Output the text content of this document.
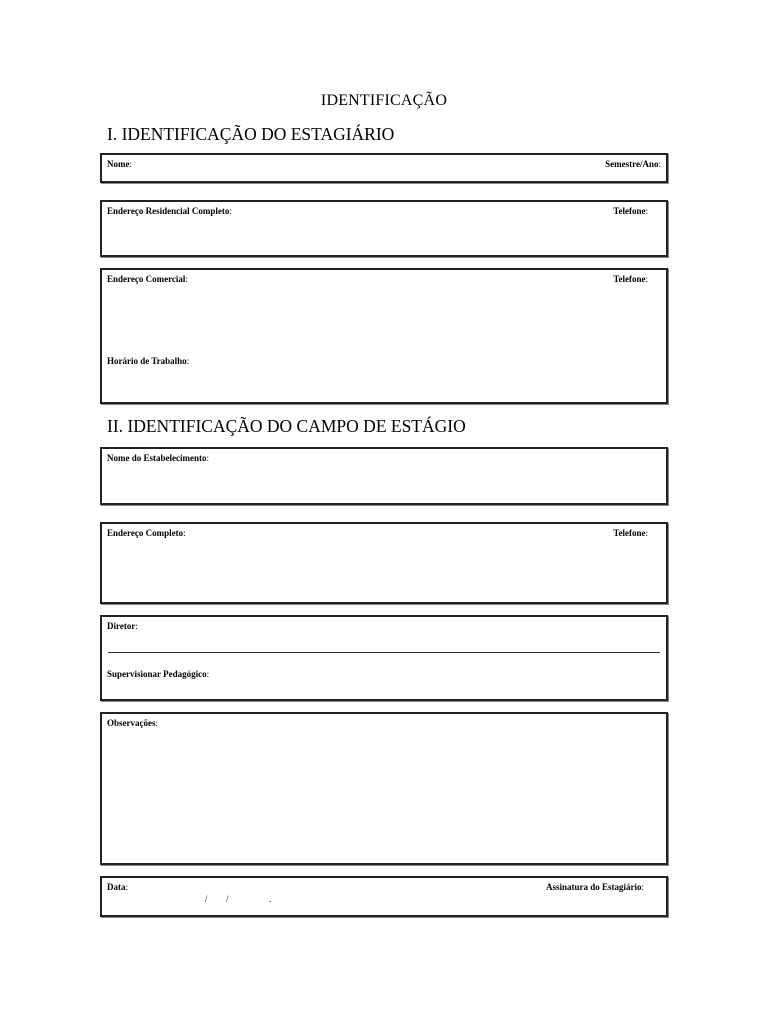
IDENTIFICAÇÃO
I. IDENTIFICAÇÃO DO ESTAGIÁRIO
Nome:	Semestre/Ano:
Endereço Residencial Completo:	Telefone:
Endereço Comercial:	Telefone:
Horário de Trabalho:
II. IDENTIFICAÇÃO DO CAMPO DE ESTÁGIO
Nome do Estabelecimento:
Endereço Completo:	Telefone:
Diretor:
Supervisionar Pedagógico:
Observações:
Data:	Assinatura do Estagiário:
/ /	.
